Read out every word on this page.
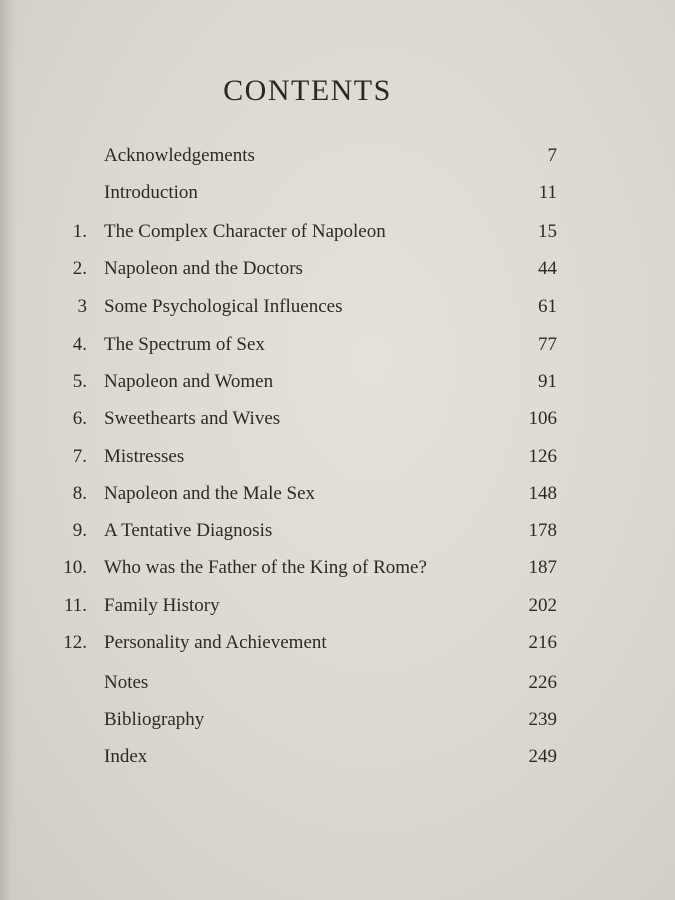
CONTENTS
Acknowledgements	7
Introduction	11
1. The Complex Character of Napoleon	15
2. Napoleon and the Doctors	44
3 Some Psychological Influences	61
4. The Spectrum of Sex	77
5. Napoleon and Women	91
6. Sweethearts and Wives	106
7. Mistresses	126
8. Napoleon and the Male Sex	148
9. A Tentative Diagnosis	178
10. Who was the Father of the King of Rome?	187
11. Family History	202
12. Personality and Achievement	216
Notes	226
Bibliography	239
Index	249
